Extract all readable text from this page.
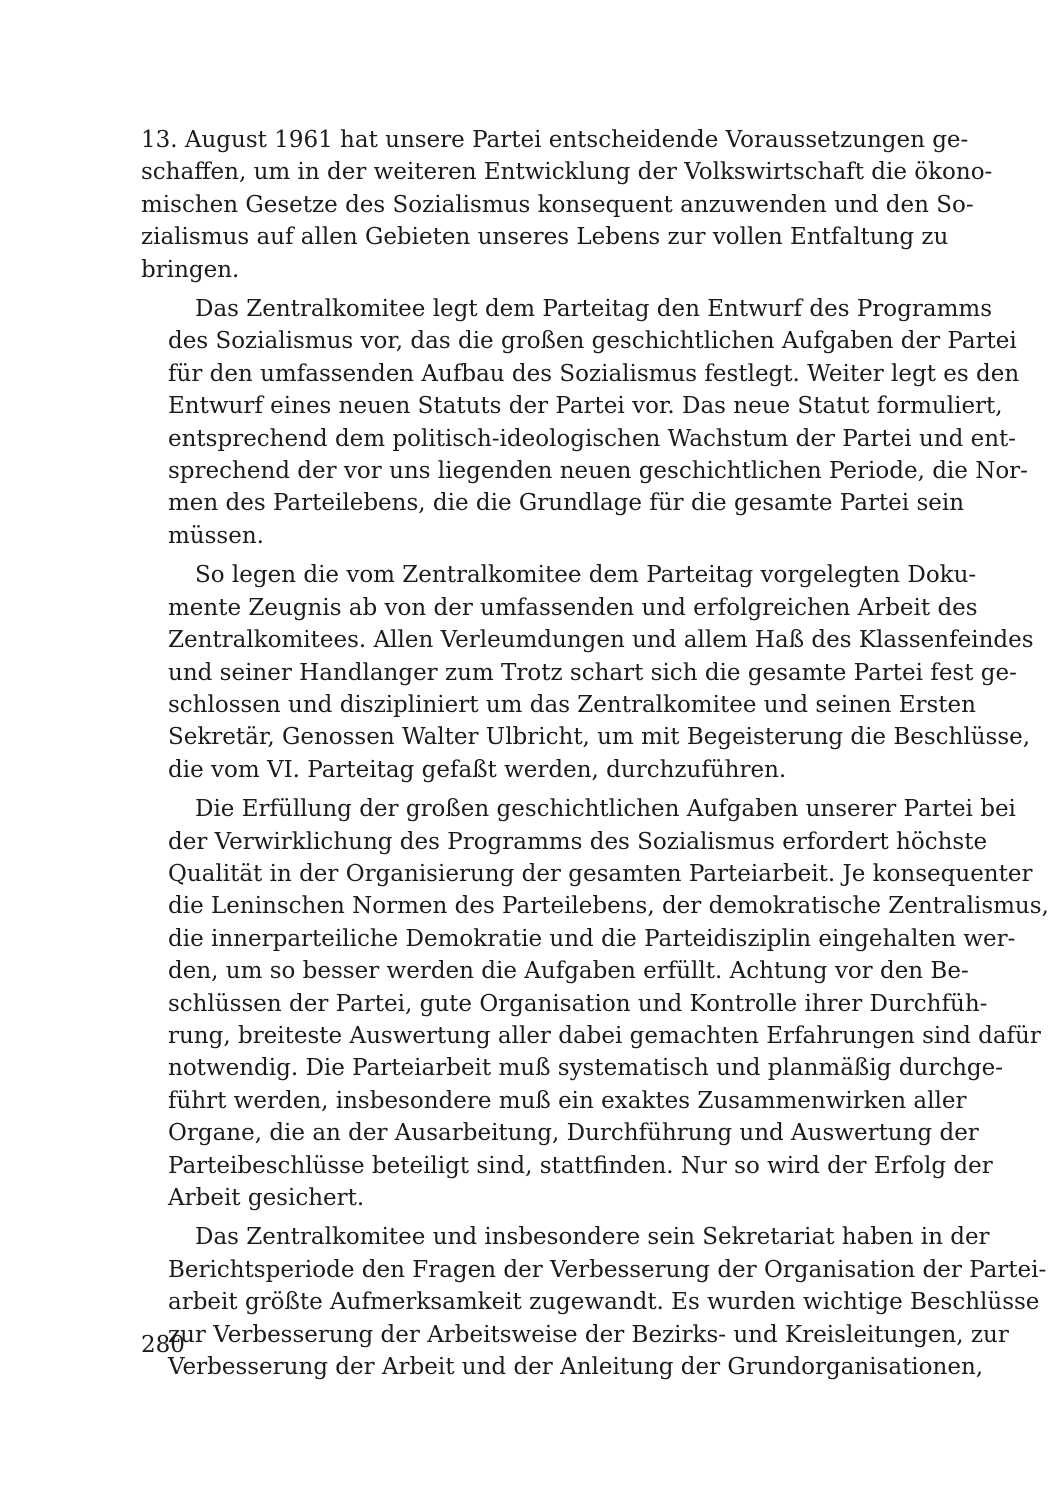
13. August 1961 hat unsere Partei entscheidende Voraussetzungen ge-
schaffen, um in der weiteren Entwicklung der Volkswirtschaft die ökono-
mischen Gesetze des Sozialismus konsequent anzuwenden und den So-
zialismus auf allen Gebieten unseres Lebens zur vollen Entfaltung zu
bringen.
Das Zentralkomitee legt dem Parteitag den Entwurf des Programms
des Sozialismus vor, das die großen geschichtlichen Aufgaben der Partei
für den umfassenden Aufbau des Sozialismus festlegt. Weiter legt es den
Entwurf eines neuen Statuts der Partei vor. Das neue Statut formuliert,
entsprechend dem politisch-ideologischen Wachstum der Partei und ent-
sprechend der vor uns liegenden neuen geschichtlichen Periode, die Nor-
men des Parteilebens, die die Grundlage für die gesamte Partei sein
müssen.
So legen die vom Zentralkomitee dem Parteitag vorgelegten Doku-
mente Zeugnis ab von der umfassenden und erfolgreichen Arbeit des
Zentralkomitees. Allen Verleumdungen und allem Haß des Klassenfeindes
und seiner Handlanger zum Trotz schart sich die gesamte Partei fest ge-
schlossen und diszipliniert um das Zentralkomitee und seinen Ersten
Sekretär, Genossen Walter Ulbricht, um mit Begeisterung die Beschlüsse,
die vom VI. Parteitag gefaßt werden, durchzuführen.
Die Erfüllung der großen geschichtlichen Aufgaben unserer Partei bei
der Verwirklichung des Programms des Sozialismus erfordert höchste
Qualität in der Organisierung der gesamten Parteiarbeit. Je konsequenter
die Leninschen Normen des Parteilebens, der demokratische Zentralismus,
die innerparteiliche Demokratie und die Parteidisziplin eingehalten wer-
den, um so besser werden die Aufgaben erfüllt. Achtung vor den Be-
schlüssen der Partei, gute Organisation und Kontrolle ihrer Durchfüh-
rung, breiteste Auswertung aller dabei gemachten Erfahrungen sind dafür
notwendig. Die Parteiarbeit muß systematisch und planmäßig durchge-
führt werden, insbesondere muß ein exaktes Zusammenwirken aller
Organe, die an der Ausarbeitung, Durchführung und Auswertung der
Parteibeschlüsse beteiligt sind, stattfinden. Nur so wird der Erfolg der
Arbeit gesichert.
Das Zentralkomitee und insbesondere sein Sekretariat haben in der
Berichtsperiode den Fragen der Verbesserung der Organisation der Partei-
arbeit größte Aufmerksamkeit zugewandt. Es wurden wichtige Beschlüsse
zur Verbesserung der Arbeitsweise der Bezirks- und Kreisleitungen, zur
Verbesserung der Arbeit und der Anleitung der Grundorganisationen,
280
